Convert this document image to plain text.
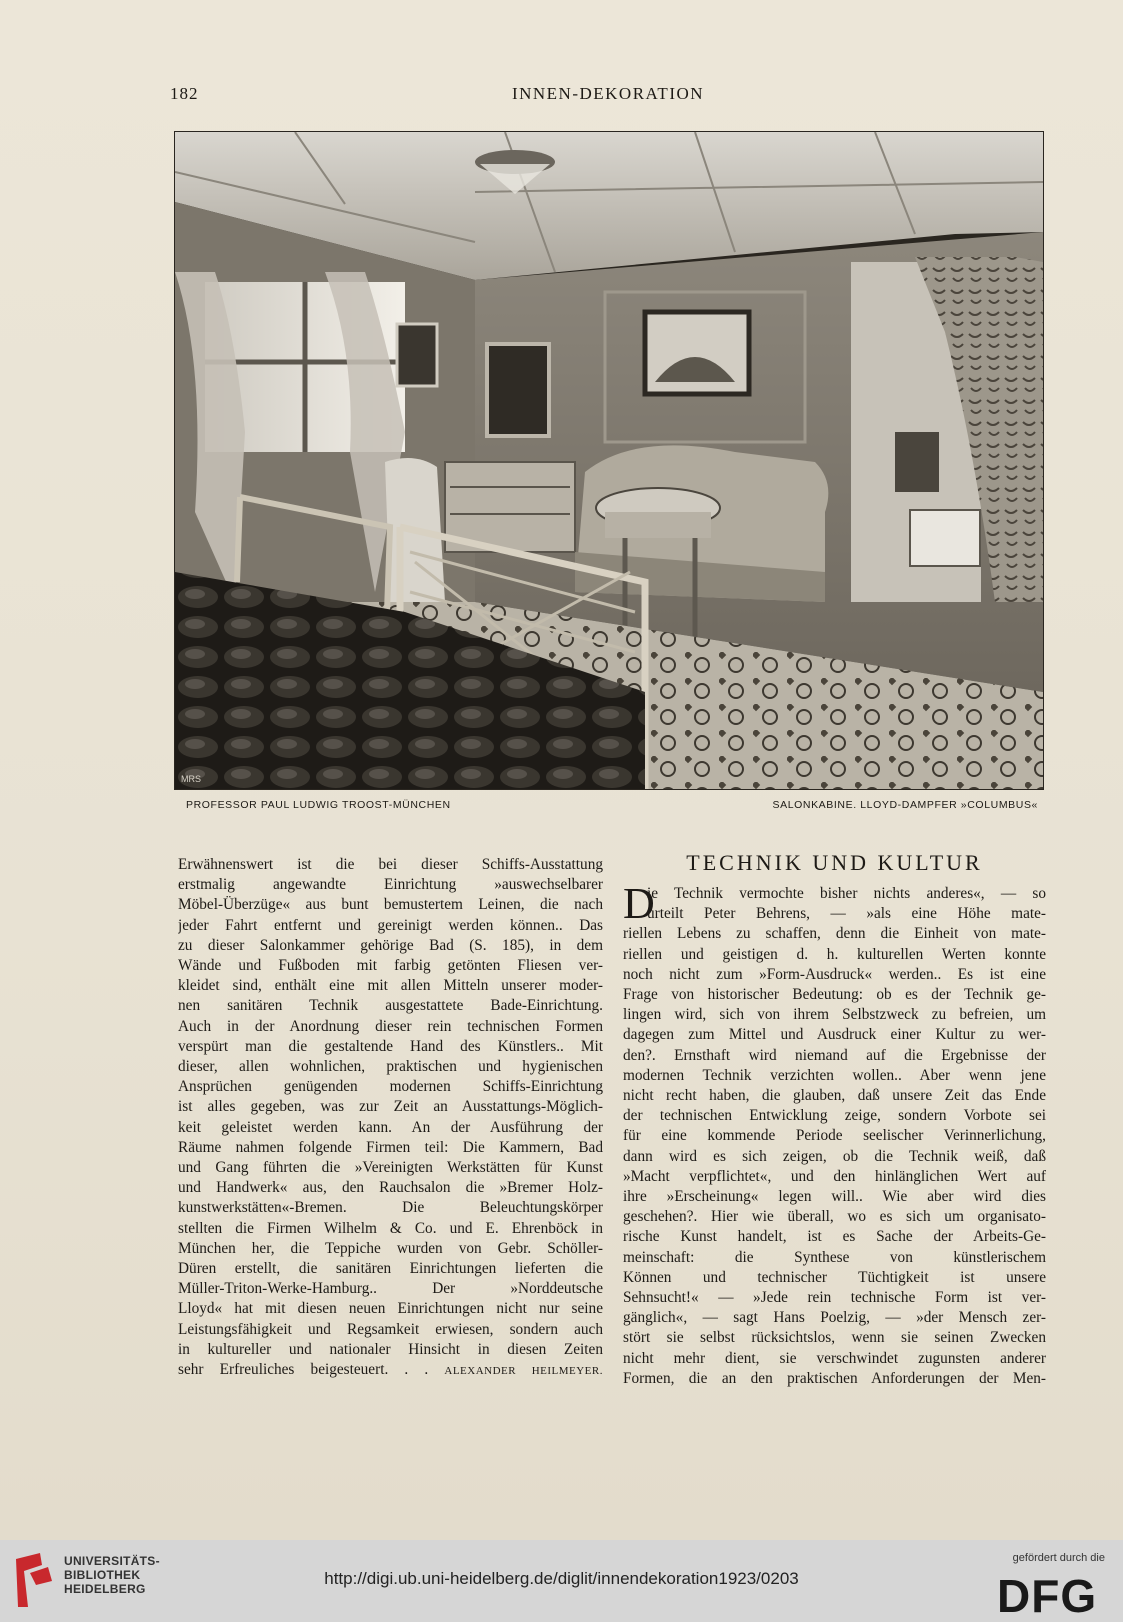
182	INNEN-DEKORATION
MRS
PROFESSOR PAUL LUDWIG TROOST-MÜNCHEN	SALONKABINE. LLOYD-DAMPFER »COLUMBUS«
Erwähnenswert ist die bei dieser Schiffs-Ausstattung
erstmalig angewandte Einrichtung »auswechselbarer
Möbel-Überzüge« aus bunt bemustertem Leinen, die nach
jeder Fahrt entfernt und gereinigt werden können.. Das
zu dieser Salonkammer gehörige Bad (S. 185), in dem
Wände und Fußboden mit farbig getönten Fliesen ver-
kleidet sind, enthält eine mit allen Mitteln unserer moder-
nen sanitären Technik ausgestattete Bade-Einrichtung.
Auch in der Anordnung dieser rein technischen Formen
verspürt man die gestaltende Hand des Künstlers.. Mit
dieser, allen wohnlichen, praktischen und hygienischen
Ansprüchen genügenden modernen Schiffs-Einrichtung
ist alles gegeben, was zur Zeit an Ausstattungs-Möglich-
keit geleistet werden kann. An der Ausführung der
Räume nahmen folgende Firmen teil: Die Kammern, Bad
und Gang führten die »Vereinigten Werkstätten für Kunst
und Handwerk« aus, den Rauchsalon die »Bremer Holz-
kunstwerkstätten«-Bremen. Die Beleuchtungskörper
stellten die Firmen Wilhelm & Co. und E. Ehrenböck in
München her, die Teppiche wurden von Gebr. Schöller-
Düren erstellt, die sanitären Einrichtungen lieferten die
Müller-Triton-Werke-Hamburg.. Der »Norddeutsche
Lloyd« hat mit diesen neuen Einrichtungen nicht nur seine
Leistungsfähigkeit und Regsamkeit erwiesen, sondern auch
in kultureller und nationaler Hinsicht in diesen Zeiten
sehr Erfreuliches beigesteuert. . . ALEXANDER HEILMEYER.
TECHNIK UND KULTUR
D
ie Technik vermochte bisher nichts anderes«, — so
urteilt Peter Behrens, — »als eine Höhe mate-
riellen Lebens zu schaffen, denn die Einheit von mate-
riellen und geistigen d. h. kulturellen Werten konnte
noch nicht zum »Form-Ausdruck« werden.. Es ist eine
Frage von historischer Bedeutung: ob es der Technik ge-
lingen wird, sich von ihrem Selbstzweck zu befreien, um
dagegen zum Mittel und Ausdruck einer Kultur zu wer-
den?. Ernsthaft wird niemand auf die Ergebnisse der
modernen Technik verzichten wollen.. Aber wenn jene
nicht recht haben, die glauben, daß unsere Zeit das Ende
der technischen Entwicklung zeige, sondern Vorbote sei
für eine kommende Periode seelischer Verinnerlichung,
dann wird es sich zeigen, ob die Technik weiß, daß
»Macht verpflichtet«, und den hinlänglichen Wert auf
ihre »Erscheinung« legen will.. Wie aber wird dies
geschehen?. Hier wie überall, wo es sich um organisato-
rische Kunst handelt, ist es Sache der Arbeits-Ge-
meinschaft: die Synthese von künstlerischem
Können und technischer Tüchtigkeit ist unsere
Sehnsucht!« — »Jede rein technische Form ist ver-
gänglich«, — sagt Hans Poelzig, — »der Mensch zer-
stört sie selbst rücksichtslos, wenn sie seinen Zwecken
nicht mehr dient, sie verschwindet zugunsten anderer
Formen, die an den praktischen Anforderungen der Men-
UNIVERSITÄTS-
BIBLIOTHEK
HEIDELBERG
http://digi.ub.uni-heidelberg.de/diglit/innendekoration1923/0203
gefördert durch die
DFG
